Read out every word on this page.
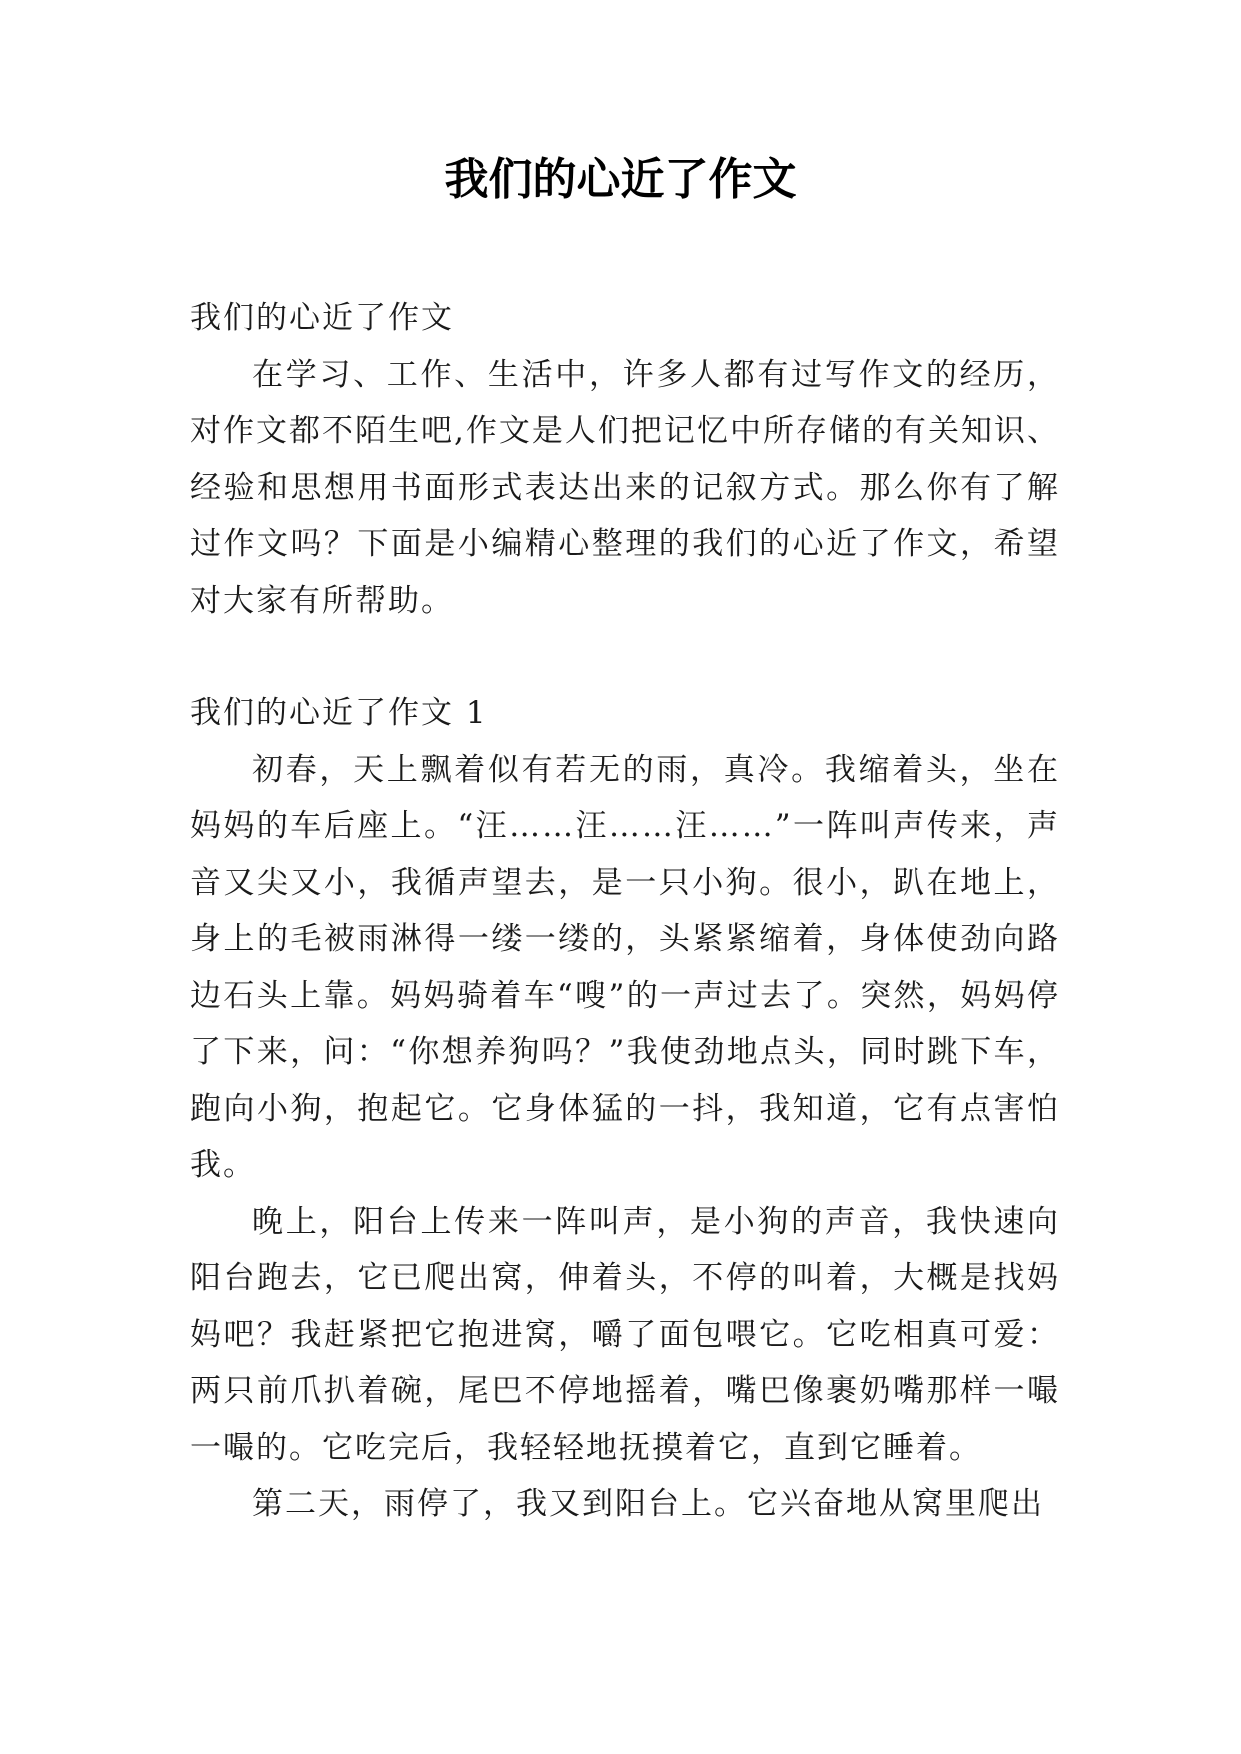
我们的心近了作文
我们的心近了作文

在学习、工作、生活中，许多人都有过写作文的经历，对作文都不陌生吧,作文是人们把记忆中所存储的有关知识、经验和思想用书面形式表达出来的记叙方式。那么你有了解过作文吗？下面是小编精心整理的我们的心近了作文，希望对大家有所帮助。

我们的心近了作文 1

初春，天上飘着似有若无的雨，真冷。我缩着头，坐在妈妈的车后座上。“汪……汪……汪……”一阵叫声传来，声音又尖又小，我循声望去，是一只小狗。很小，趴在地上，身上的毛被雨淋得一缕一缕的，头紧紧缩着，身体使劲向路边石头上靠。妈妈骑着车“嗖”的一声过去了。突然，妈妈停了下来，问：“你想养狗吗？”我使劲地点头，同时跳下车，跑向小狗，抱起它。它身体猛的一抖，我知道，它有点害怕我。

晚上，阳台上传来一阵叫声，是小狗的声音，我快速向阳台跑去，它已爬出窝，伸着头，不停的叫着，大概是找妈妈吧？我赶紧把它抱进窝，嚼了面包喂它。它吃相真可爱：两只前爪扒着碗，尾巴不停地摇着，嘴巴像裹奶嘴那样一嘬一嘬的。它吃完后，我轻轻地抚摸着它，直到它睡着。

第二天，雨停了，我又到阳台上。它兴奋地从窝里爬出
